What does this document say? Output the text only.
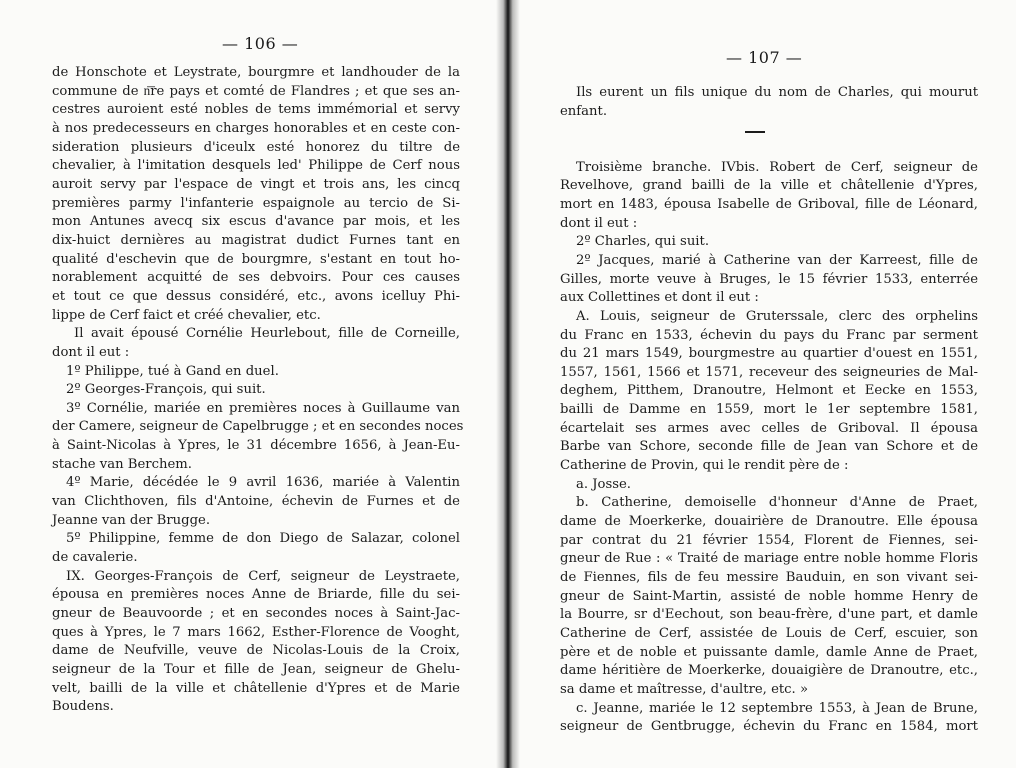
— 106 —
de Honschote et Leystrate, bourgmre et landhouder de la
commune de n͞re pays et comté de Flandres ; et que ses an-
cestres auroient esté nobles de tems immémorial et servy
à nos predecesseurs en charges honorables et en ceste con-
sideration plusieurs d'iceulx esté honorez du tiltre de
chevalier, à l'imitation desquels led' Philippe de Cerf nous
auroit servy par l'espace de vingt et trois ans, les cincq
premières parmy l'infanterie espaignole au tercio de Si-
mon Antunes avecq six escus d'avance par mois, et les
dix-huict dernières au magistrat dudict Furnes tant en
qualité d'eschevin que de bourgmre, s'estant en tout ho-
norablement acquitté de ses debvoirs. Pour ces causes
et tout ce que dessus considéré, etc., avons icelluy Phi-
lippe de Cerf faict et créé chevalier, etc.
Il avait épousé Cornélie Heurlebout, fille de Corneille,
dont il eut :
1º Philippe, tué à Gand en duel.
2º Georges-François, qui suit.
3º Cornélie, mariée en premières noces à Guillaume van
der Camere, seigneur de Capelbrugge ; et en secondes noces
à Saint-Nicolas à Ypres, le 31 décembre 1656, à Jean-Eu-
stache van Berchem.
4º Marie, décédée le 9 avril 1636, mariée à Valentin
van Clichthoven, fils d'Antoine, échevin de Furnes et de
Jeanne van der Brugge.
5º Philippine, femme de don Diego de Salazar, colonel
de cavalerie.
IX. Georges-François de Cerf, seigneur de Leystraete,
épousa en premières noces Anne de Briarde, fille du sei-
gneur de Beauvoorde ; et en secondes noces à Saint-Jac-
ques à Ypres, le 7 mars 1662, Esther-Florence de Vooght,
dame de Neufville, veuve de Nicolas-Louis de la Croix,
seigneur de la Tour et fille de Jean, seigneur de Ghelu-
velt, bailli de la ville et châtellenie d'Ypres et de Marie
Boudens.
— 107 —
Ils eurent un fils unique du nom de Charles, qui mourut
enfant.
Troisième branche. IVbis. Robert de Cerf, seigneur de
Revelhove, grand bailli de la ville et châtellenie d'Ypres,
mort en 1483, épousa Isabelle de Griboval, fille de Léonard,
dont il eut :
2º Charles, qui suit.
2º Jacques, marié à Catherine van der Karreest, fille de
Gilles, morte veuve à Bruges, le 15 février 1533, enterrée
aux Collettines et dont il eut :
A. Louis, seigneur de Gruterssale, clerc des orphelins
du Franc en 1533, échevin du pays du Franc par serment
du 21 mars 1549, bourgmestre au quartier d'ouest en 1551,
1557, 1561, 1566 et 1571, receveur des seigneuries de Mal-
deghem, Pitthem, Dranoutre, Helmont et Eecke en 1553,
bailli de Damme en 1559, mort le 1er septembre 1581,
écartelait ses armes avec celles de Griboval. Il épousa
Barbe van Schore, seconde fille de Jean van Schore et de
Catherine de Provin, qui le rendit père de :
a. Josse.
b. Catherine, demoiselle d'honneur d'Anne de Praet,
dame de Moerkerke, douairière de Dranoutre. Elle épousa
par contrat du 21 février 1554, Florent de Fiennes, sei-
gneur de Rue : « Traité de mariage entre noble homme Floris
de Fiennes, fils de feu messire Bauduin, en son vivant sei-
gneur de Saint-Martin, assisté de noble homme Henry de
la Bourre, sr d'Eechout, son beau-frère, d'une part, et damle
Catherine de Cerf, assistée de Louis de Cerf, escuier, son
père et de noble et puissante damle, damle Anne de Praet,
dame héritière de Moerkerke, douaigière de Dranoutre, etc.,
sa dame et maîtresse, d'aultre, etc. »
c. Jeanne, mariée le 12 septembre 1553, à Jean de Brune,
seigneur de Gentbrugge, échevin du Franc en 1584, mort
